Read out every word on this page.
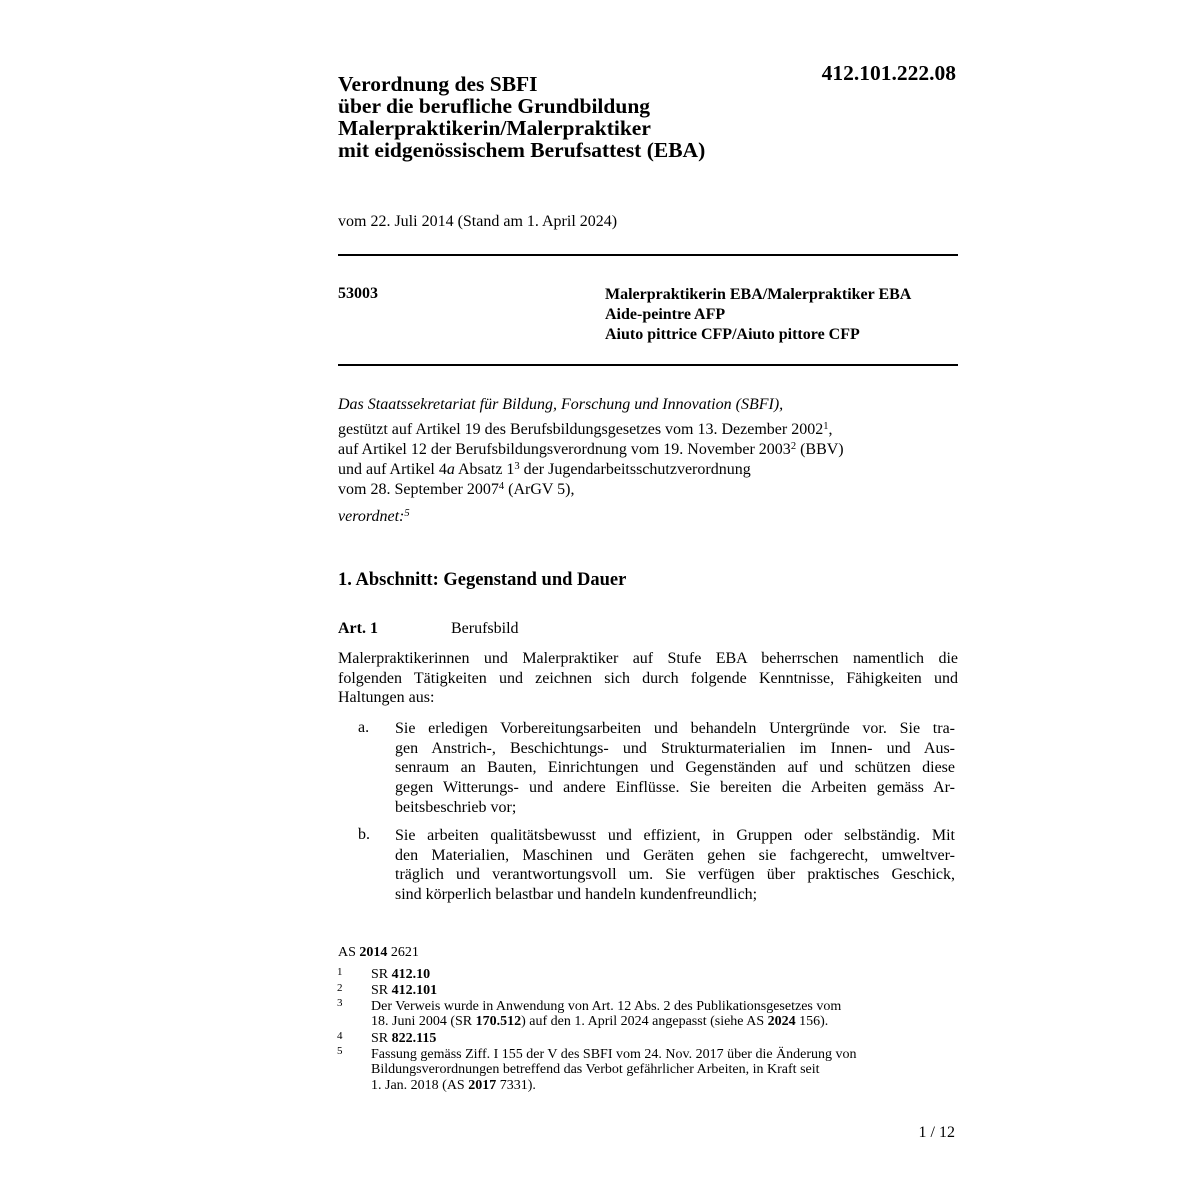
Verordnung des SBFI
über die berufliche Grundbildung
Malerpraktikerin/Malerpraktiker
mit eidgenössischem Berufsattest (EBA)
412.101.222.08
vom 22. Juli 2014 (Stand am 1. April 2024)
53003	Malerpraktikerin EBA/Malerpraktiker EBA
Aide-peintre AFP
Aiuto pittrice CFP/Aiuto pittore CFP
Das Staatssekretariat für Bildung, Forschung und Innovation (SBFI),
gestützt auf Artikel 19 des Berufsbildungsgesetzes vom 13. Dezember 2002$^1$,
auf Artikel 12 der Berufsbildungsverordnung vom 19. November 2003$^2$ (BBV)
und auf Artikel 4a Absatz $1^3$ der Jugendarbeitsschutzverordnung
vom 28. September 2007$^4$ (ArGV 5),
verordnet:$^5$
1. Abschnitt: Gegenstand und Dauer
Art. 1	Berufsbild
Malerpraktikerinnen und Malerpraktiker auf Stufe EBA beherrschen namentlich die
folgenden Tätigkeiten und zeichnen sich durch folgende Kenntnisse, Fähigkeiten und
Haltungen aus:
a. Sie erledigen Vorbereitungsarbeiten und behandeln Untergründe vor. Sie tra-
gen Anstrich-, Beschichtungs- und Strukturmaterialien im Innen- und Aus-
senraum an Bauten, Einrichtungen und Gegenständen auf und schützen diese
gegen Witterungs- und andere Einflüsse. Sie bereiten die Arbeiten gemäss Ar-
beitsbeschrieb vor;
b. Sie arbeiten qualitätsbewusst und effizient, in Gruppen oder selbständig. Mit
den Materialien, Maschinen und Geräten gehen sie fachgerecht, umweltver-
träglich und verantwortungsvoll um. Sie verfügen über praktisches Geschick,
sind körperlich belastbar und handeln kundenfreundlich;
AS 2014 2621
1 SR 412.10
2 SR 412.101
3 Der Verweis wurde in Anwendung von Art. 12 Abs. 2 des Publikationsgesetzes vom
18. Juni 2004 (SR 170.512) auf den 1. April 2024 angepasst (siehe AS 2024 156).
4 SR 822.115
5 Fassung gemäss Ziff. I 155 der V des SBFI vom 24. Nov. 2017 über die Änderung von
Bildungsverordnungen betreffend das Verbot gefährlicher Arbeiten, in Kraft seit
1. Jan. 2018 (AS 2017 7331).
1 / 12
